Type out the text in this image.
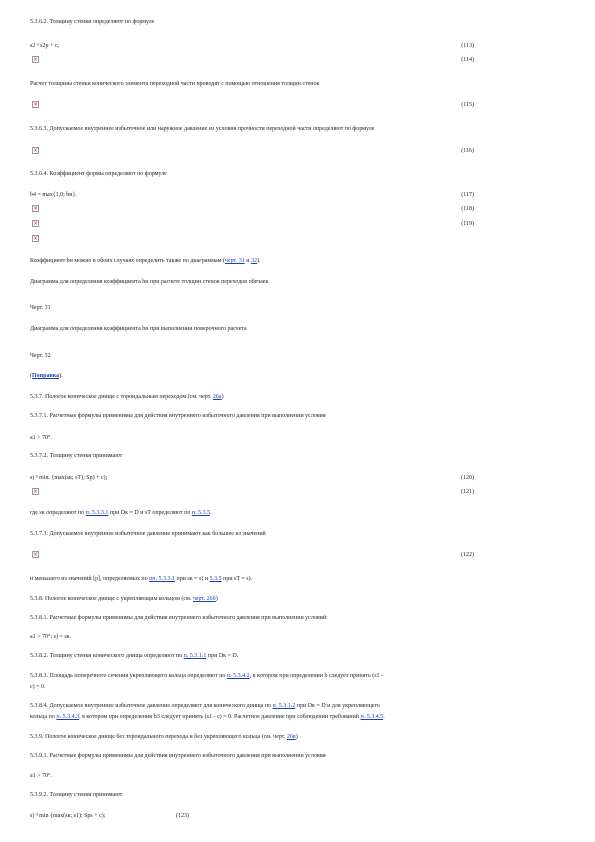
5.3.6.2. Толщину стенки определяют по формуле
s2 ³ s2p + c,	(113)
×	(114)
Расчет толщины стенки конического элемента переходной части проводят с помощью отношения толщин стенок
×	(115)
5.3.6.3. Допускаемое внутреннее избыточное или наружное давление из условия прочности переходной части определяют по формуле
×	(116)
5.3.6.4. Коэффициент формы определяют по формуле
b4 = max{1,0; bн}.	(117)
×	(118)
×	(119)
×
Коэффициент bн можно в обоих случаях определить также по диаграммам (черт. 31 и 32).
Диаграмма для определения коэффициента bн при расчете толщин стенок переходов обечаек
Черт. 31
Диаграмма для определения коэффициента bн при выполнении поверочного расчета
Черт. 32
(Поправка).
5.3.7. Пологое коническое днище с тороидальным переходом (см. черт. 26а)
5.3.7.1. Расчетные формулы применимы для действия внутреннего избыточного давления при выполнении условия
a1 > 70°.
5.3.7.2. Толщину стенки принимают
s) ³ min. {max(sк; sT); Sp) + c);	(120)
×	(121)
где sк определяют по п. 5.3.3.1 при Dк = D и sT определяют по п. 5.3.5.
5.3.7.3. Допускаемое внутреннее избыточное давление принимают как большее из значений
×	(122)
и меньшего из значений [p], определяемых по пп. 5.3.3.1 при sк = s) и 5.3.5 при sT = s).
5.3.8. Пологое коническое днище с укрепляющим кольцом (см. черт. 26б)
5.3.8.1. Расчетные формулы применимы для действия внутреннего избыточного давления при выполнении условий:
a1 > 70°; s) = sк.
5.3.8.2. Толщину стенки конического днища определяют по п. 5.3.1.1 при Dк = D.
5.3.8.3. Площадь поперечного сечения укрепляющего кольца определяют по п. 5.3.4.2, в котором при определении b следует принять (s1 -
c) = 0.
5.3.8.4. Допускаемое внутреннее избыточное давление определяют для конического днища по п. 5.3.1.2 при Dк = D и для укрепляющего
кольца по п. 5.3.4.3, в котором при определении b3 следует принять (s1 - c) = 0. Расчетное давление при соблюдении требований п. 5.3.4.5.
5.3.9. Пологое коническое днище без тороидального перехода и без укрепляющего кольца (см. черт. 26в)
5.3.9.1. Расчетные формулы применимы для действия внутреннего избыточного давления при выполнении условия
a1 > 70°.
5.3.9.2. Толщину стенки принимают
s) ³ min {max(sк; s1); Sрs + c);	(123)
